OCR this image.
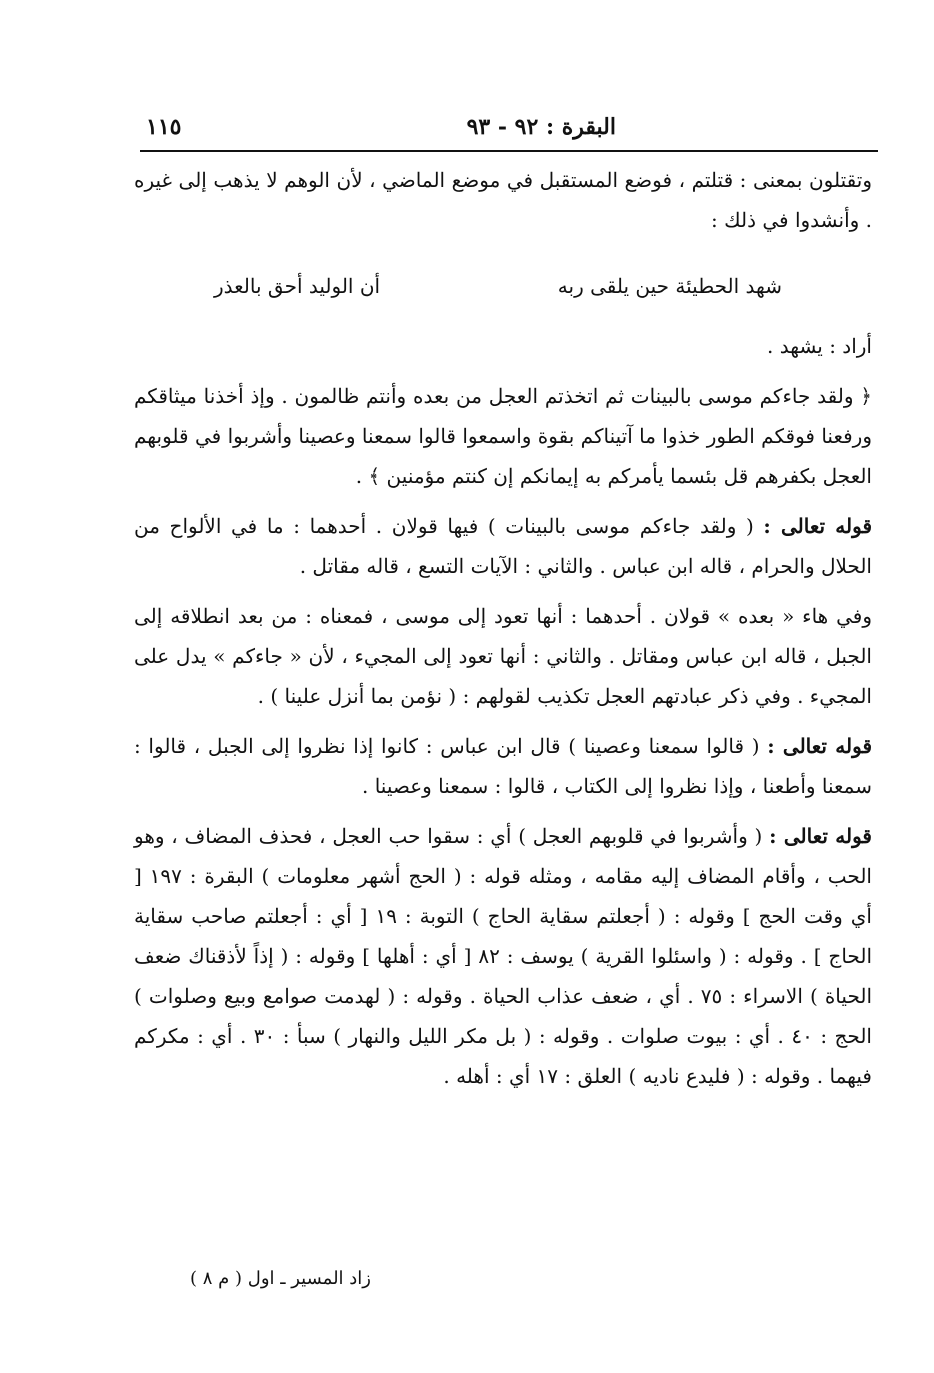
البقرة : ٩٢ - ٩٣
١١٥

وتقتلون بمعنى : قتلتم ، فوضع المستقبل في موضع الماضي ، لأن الوهم لا يذهب إلى غيره . وأنشدوا في ذلك :

شهد الحطيئة حين يلقى ربه
أن الوليد أحق بالعذر

أراد : يشهد .

﴿ ولقد جاءكم موسى بالبينات ثم اتخذتم العجل من بعده وأنتم ظالمون . وإذ أخذنا ميثاقكم ورفعنا فوقكم الطور خذوا ما آتيناكم بقوة واسمعوا قالوا سمعنا وعصينا وأشربوا في قلوبهم العجل بكفرهم قل بئسما يأمركم به إيمانكم إن كنتم مؤمنين ﴾ .

قوله تعالى : ( ولقد جاءكم موسى بالبينات ) فيها قولان . أحدهما : ما في الألواح من الحلال والحرام ، قاله ابن عباس . والثاني : الآيات التسع ، قاله مقاتل .

وفي هاء « بعده » قولان . أحدهما : أنها تعود إلى موسى ، فمعناه : من بعد انطلاقه إلى الجبل ، قاله ابن عباس ومقاتل . والثاني : أنها تعود إلى المجيء ، لأن « جاءكم » يدل على المجيء . وفي ذكر عبادتهم العجل تكذيب لقولهم : ( نؤمن بما أنزل علينا ) .

قوله تعالى : ( قالوا سمعنا وعصينا ) قال ابن عباس : كانوا إذا نظروا إلى الجبل ، قالوا : سمعنا وأطعنا ، وإذا نظروا إلى الكتاب ، قالوا : سمعنا وعصينا .

قوله تعالى : ( وأشربوا في قلوبهم العجل ) أي : سقوا حب العجل ، فحذف المضاف ، وهو الحب ، وأقام المضاف إليه مقامه ، ومثله قوله : ( الحج أشهر معلومات ) البقرة : ١٩٧ [ أي وقت الحج ] وقوله : ( أجعلتم سقاية الحاج ) التوبة : ١٩ [ أي : أجعلتم صاحب سقاية الحاج ] . وقوله : ( واسئلوا القرية ) يوسف : ٨٢ [ أي : أهلها ] وقوله : ( إذاً لأذقناك ضعف الحياة ) الاسراء : ٧٥ . أي ، ضعف عذاب الحياة . وقوله : ( لهدمت صوامع وبيع وصلوات ) الحج : ٤٠ . أي : بيوت صلوات . وقوله : ( بل مكر الليل والنهار ) سبأ : ٣٠ . أي : مكركم فيهما . وقوله : ( فليدع ناديه ) العلق : ١٧ أي : أهله .

زاد المسير ـ اول ( م ٨ )
